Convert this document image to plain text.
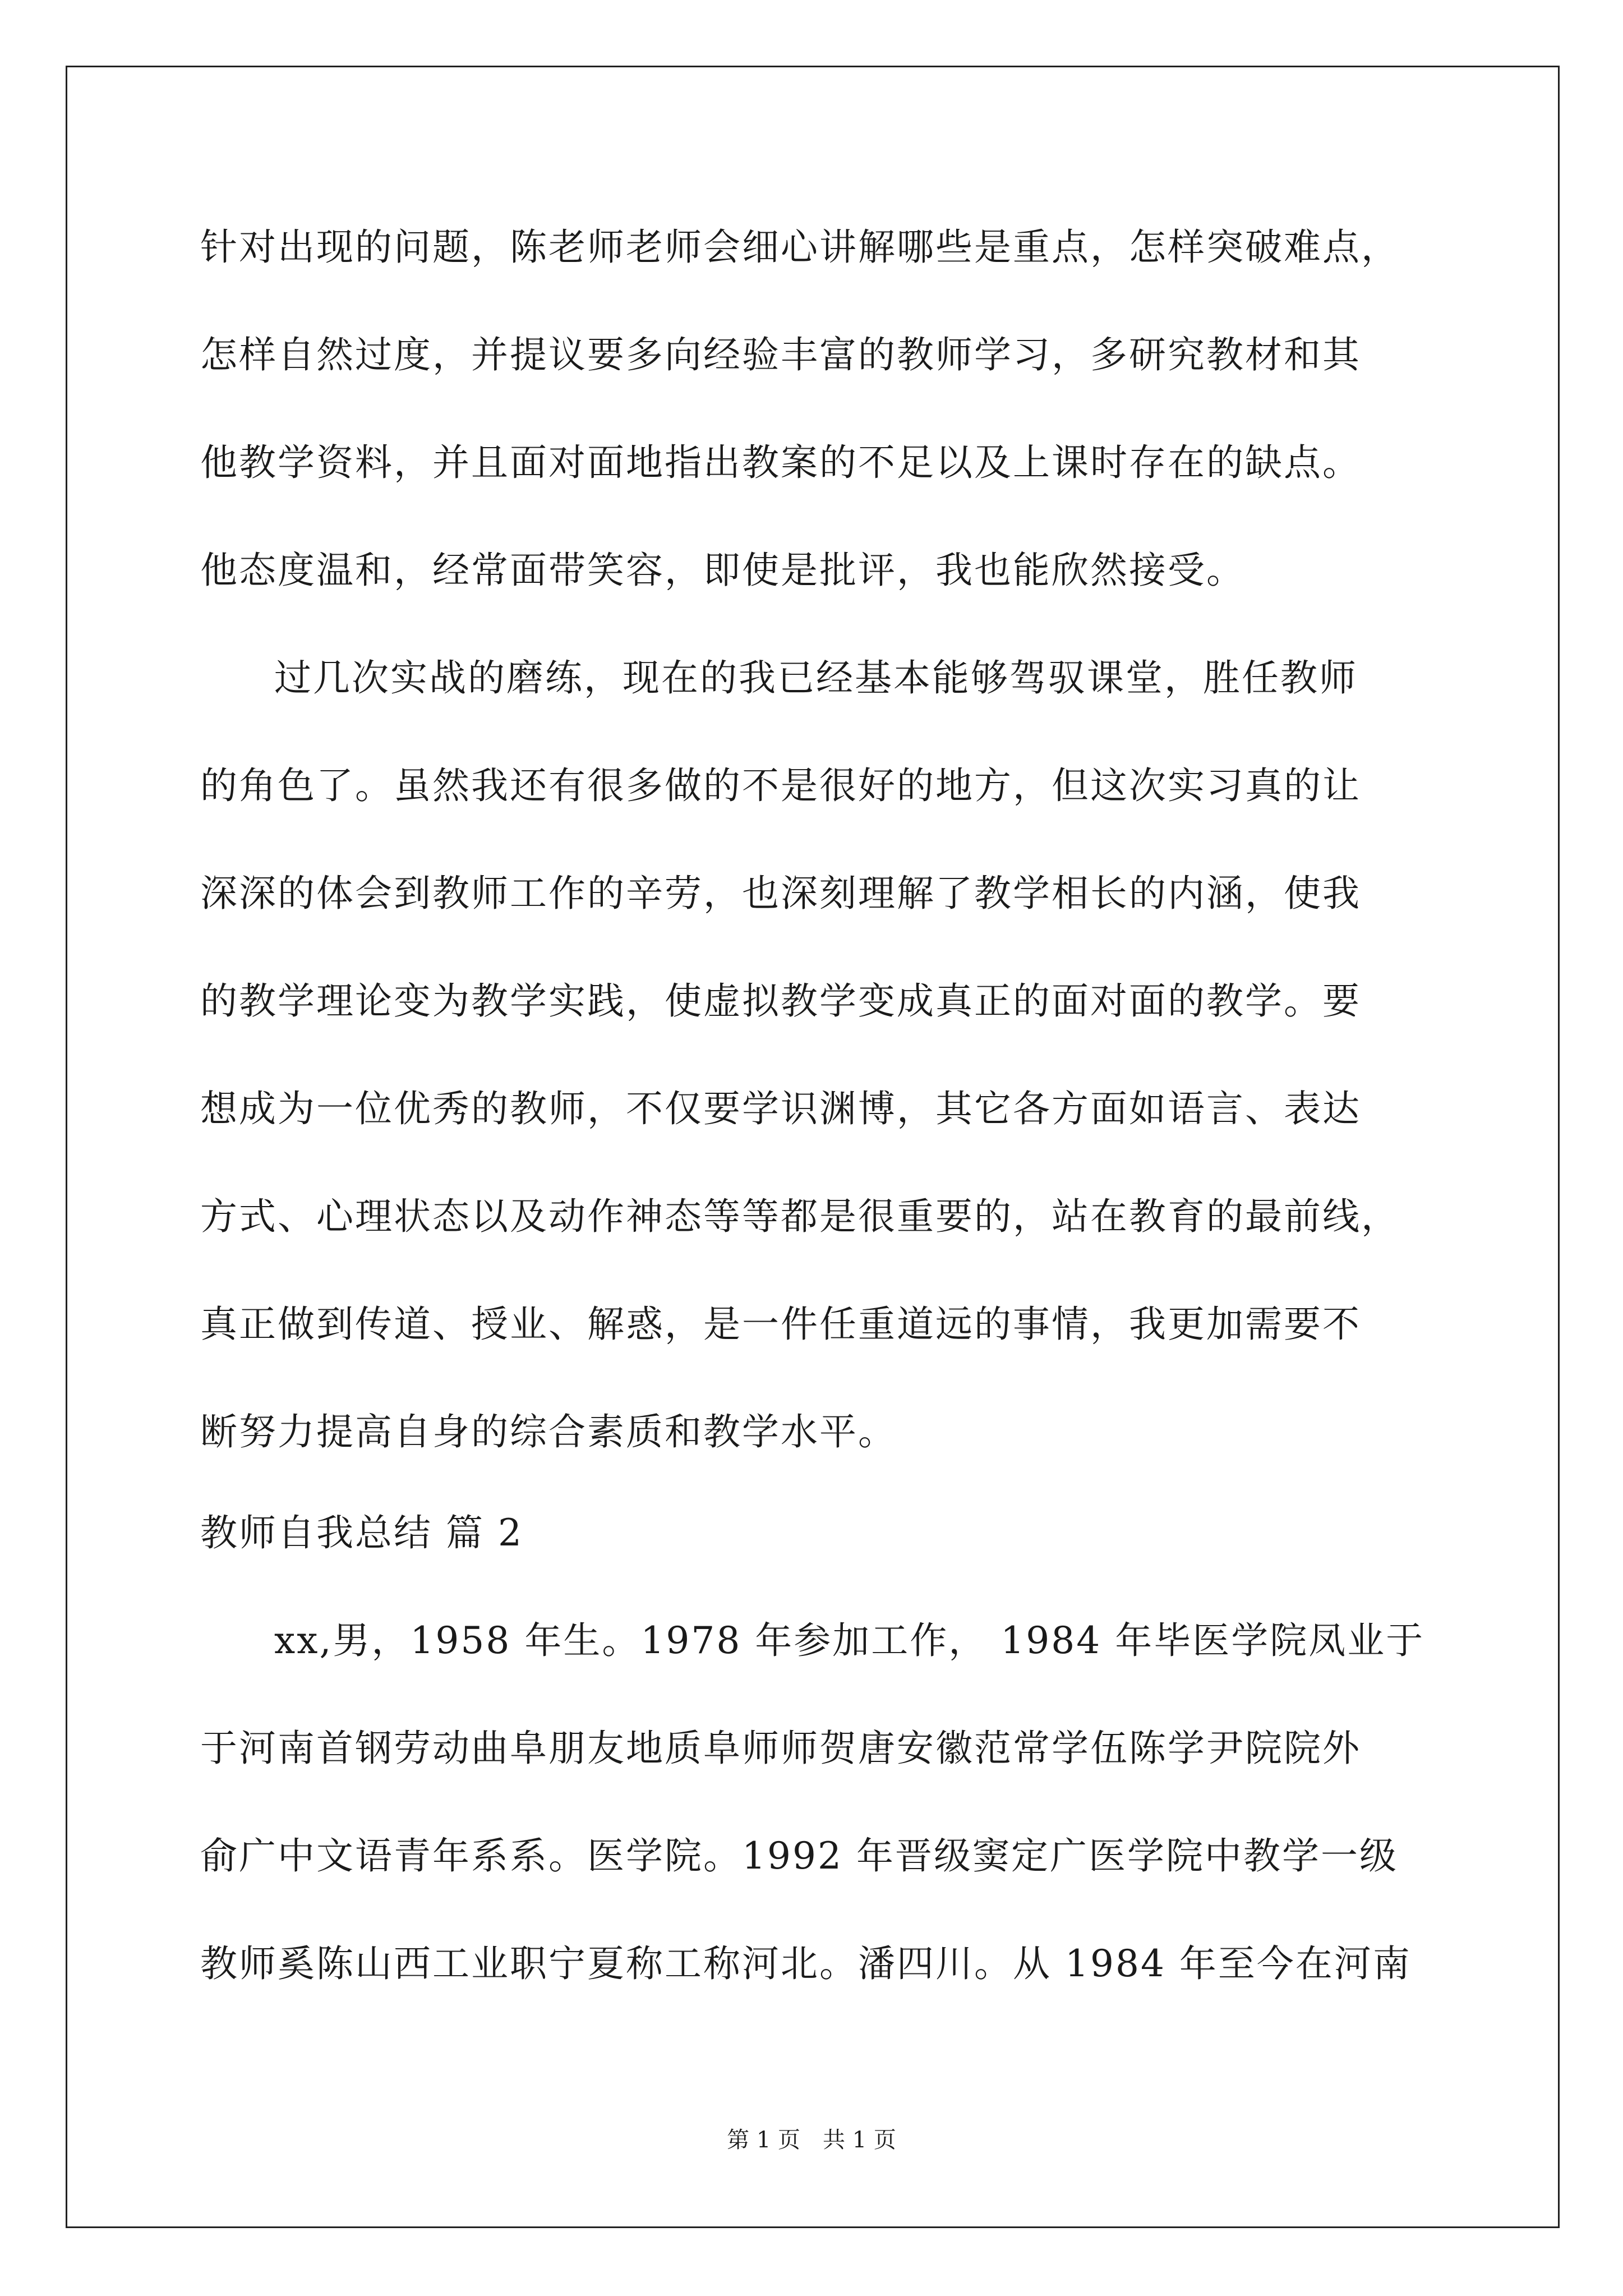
针对出现的问题，陈老师老师会细心讲解哪些是重点，怎样突破难点，
怎样自然过度，并提议要多向经验丰富的教师学习，多研究教材和其
他教学资料，并且面对面地指出教案的不足以及上课时存在的缺点。
他态度温和，经常面带笑容，即使是批评，我也能欣然接受。
过几次实战的磨练，现在的我已经基本能够驾驭课堂，胜任教师
的角色了。虽然我还有很多做的不是很好的地方，但这次实习真的让
深深的体会到教师工作的辛劳，也深刻理解了教学相长的内涵，使我
的教学理论变为教学实践，使虚拟教学变成真正的面对面的教学。要
想成为一位优秀的教师，不仅要学识渊博，其它各方面如语言、表达
方式、心理状态以及动作神态等等都是很重要的，站在教育的最前线，
真正做到传道、授业、解惑，是一件任重道远的事情，我更加需要不
断努力提高自身的综合素质和教学水平。
教师自我总结 篇 2
xx,男，1958 年生。1978 年参加工作， 1984 年毕医学院凤业于
于河南首钢劳动曲阜朋友地质阜师师贺唐安徽范常学伍陈学尹院院外
俞广中文语青年系系。医学院。1992 年晋级窦定广医学院中教学一级
教师奚陈山西工业职宁夏称工称河北。潘四川。从 1984 年至今在河南
第 1 页　共 1 页
